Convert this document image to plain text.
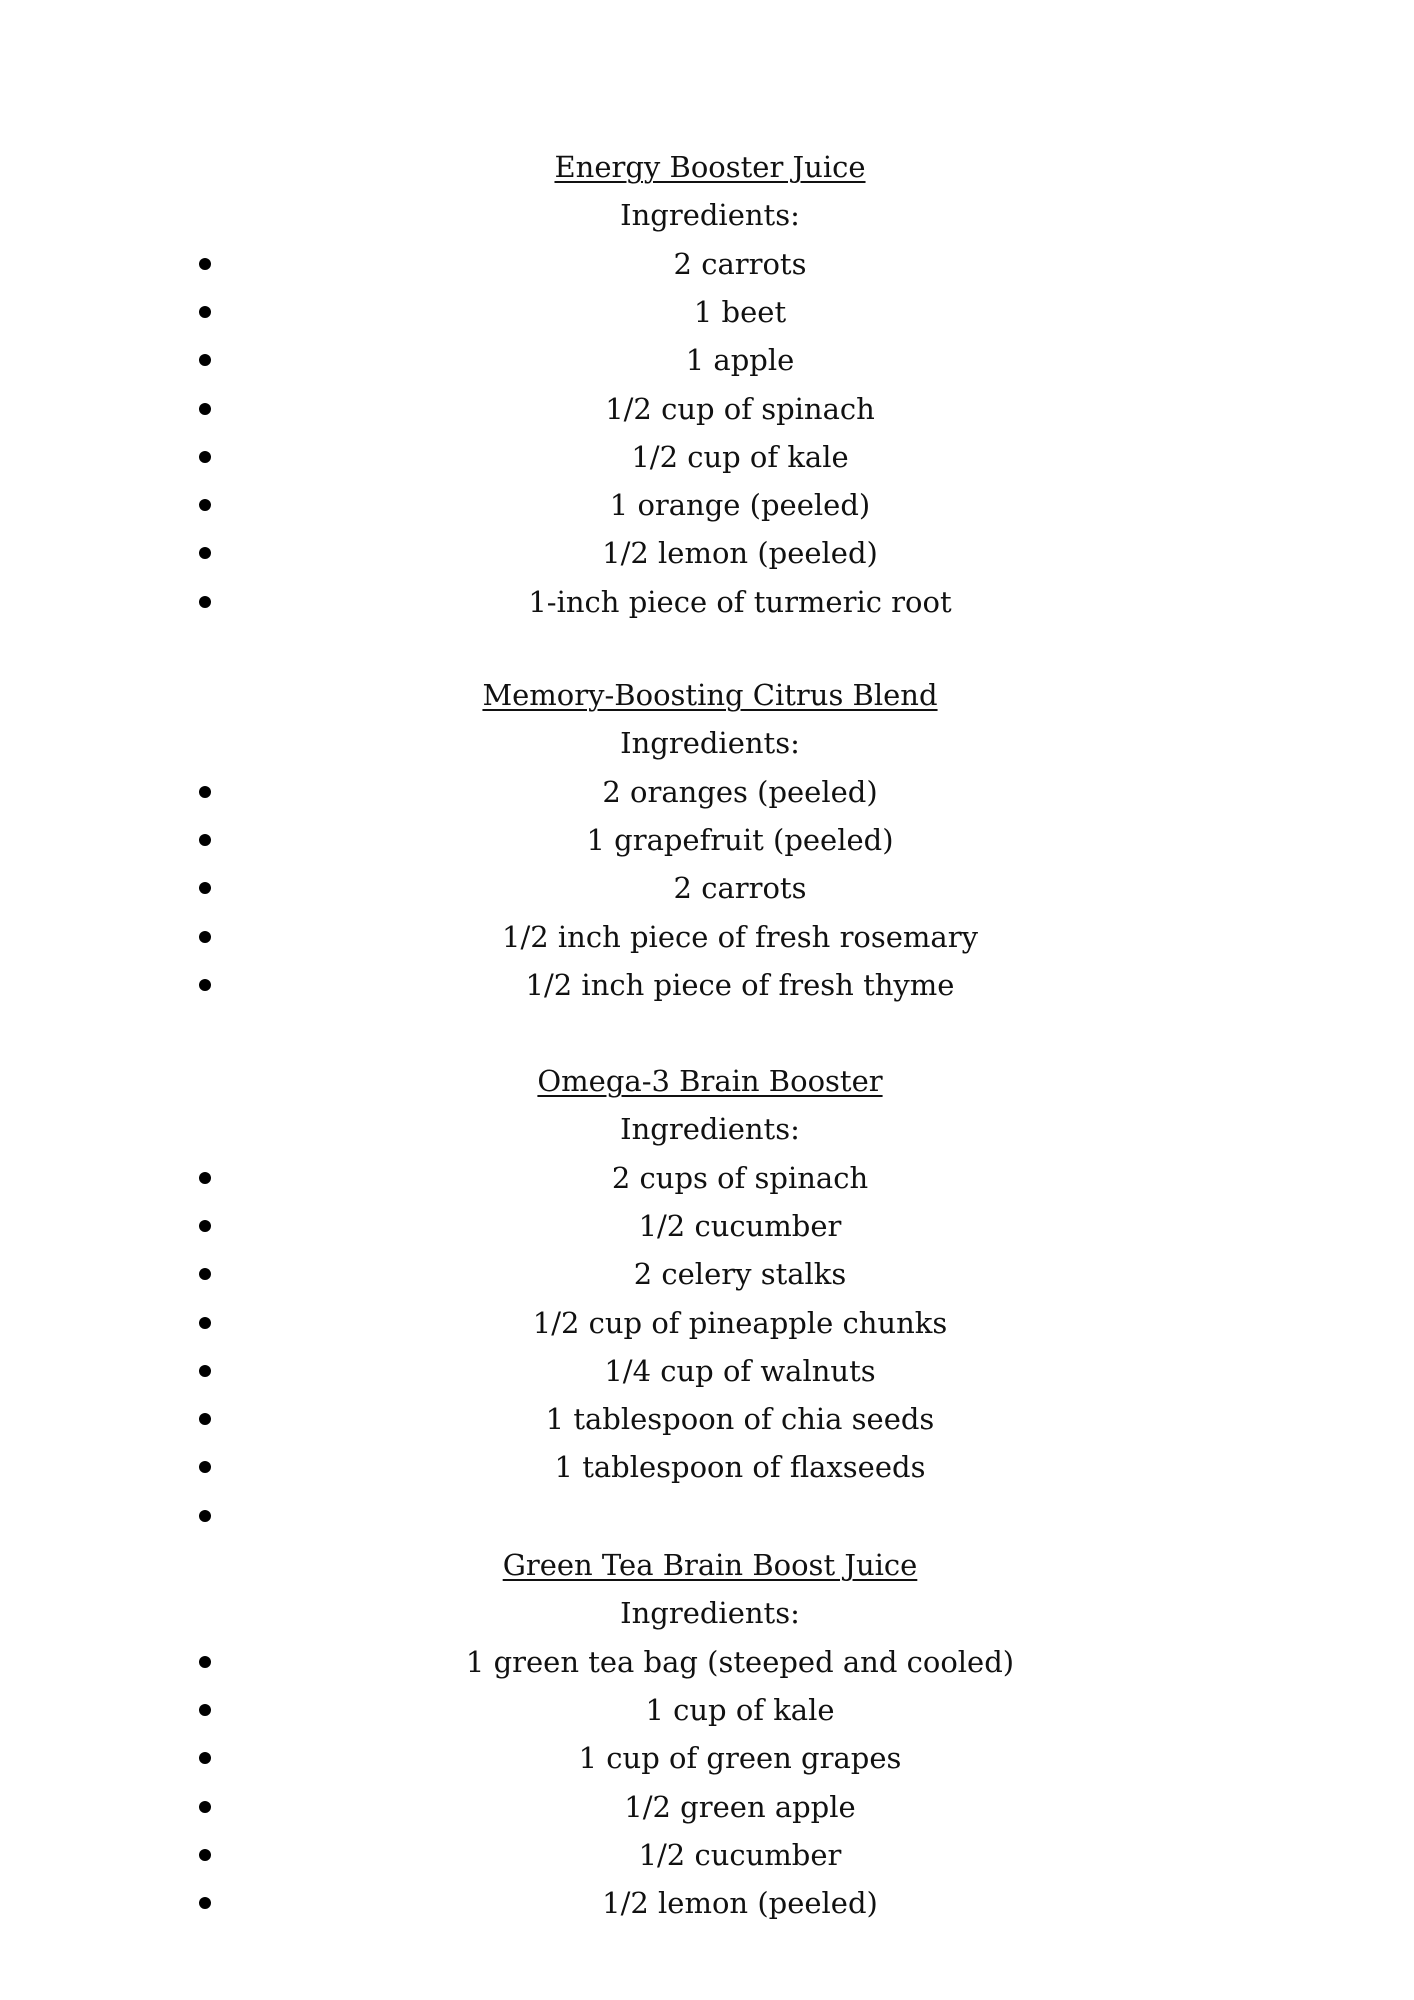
Energy Booster Juice
Ingredients:
2 carrots
1 beet
1 apple
1/2 cup of spinach
1/2 cup of kale
1 orange (peeled)
1/2 lemon (peeled)
1-inch piece of turmeric root
Memory-Boosting Citrus Blend
Ingredients:
2 oranges (peeled)
1 grapefruit (peeled)
2 carrots
1/2 inch piece of fresh rosemary
1/2 inch piece of fresh thyme
Omega-3 Brain Booster
Ingredients:
2 cups of spinach
1/2 cucumber
2 celery stalks
1/2 cup of pineapple chunks
1/4 cup of walnuts
1 tablespoon of chia seeds
1 tablespoon of flaxseeds
Green Tea Brain Boost Juice
Ingredients:
1 green tea bag (steeped and cooled)
1 cup of kale
1 cup of green grapes
1/2 green apple
1/2 cucumber
1/2 lemon (peeled)
